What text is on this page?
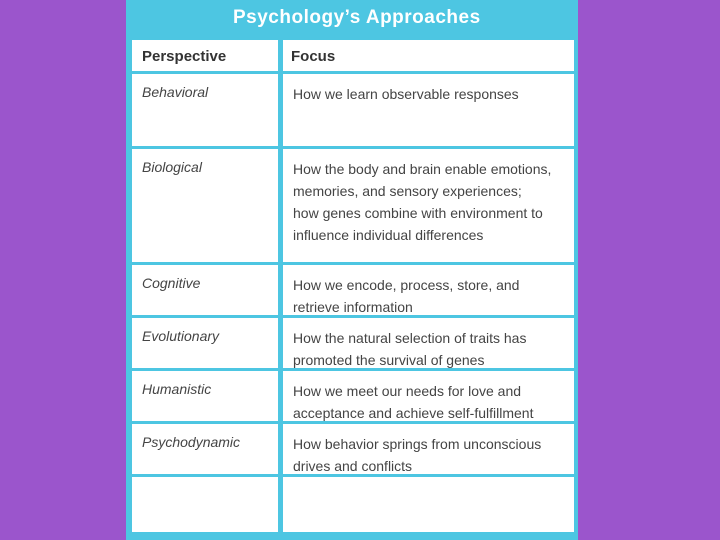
Psychology’s Approaches
Perspective	Focus
Behavioral	How we learn observable responses
Biological	How the body and brain enable emotions,
memories, and sensory experiences;
how genes combine with environment to
influence individual differences
Cognitive	How we encode, process, store, and
retrieve information
Evolutionary	How the natural selection of traits has
promoted the survival of genes
Humanistic	How we meet our needs for love and
acceptance and achieve self-fulfillment
Psychodynamic	How behavior springs from unconscious
drives and conflicts
